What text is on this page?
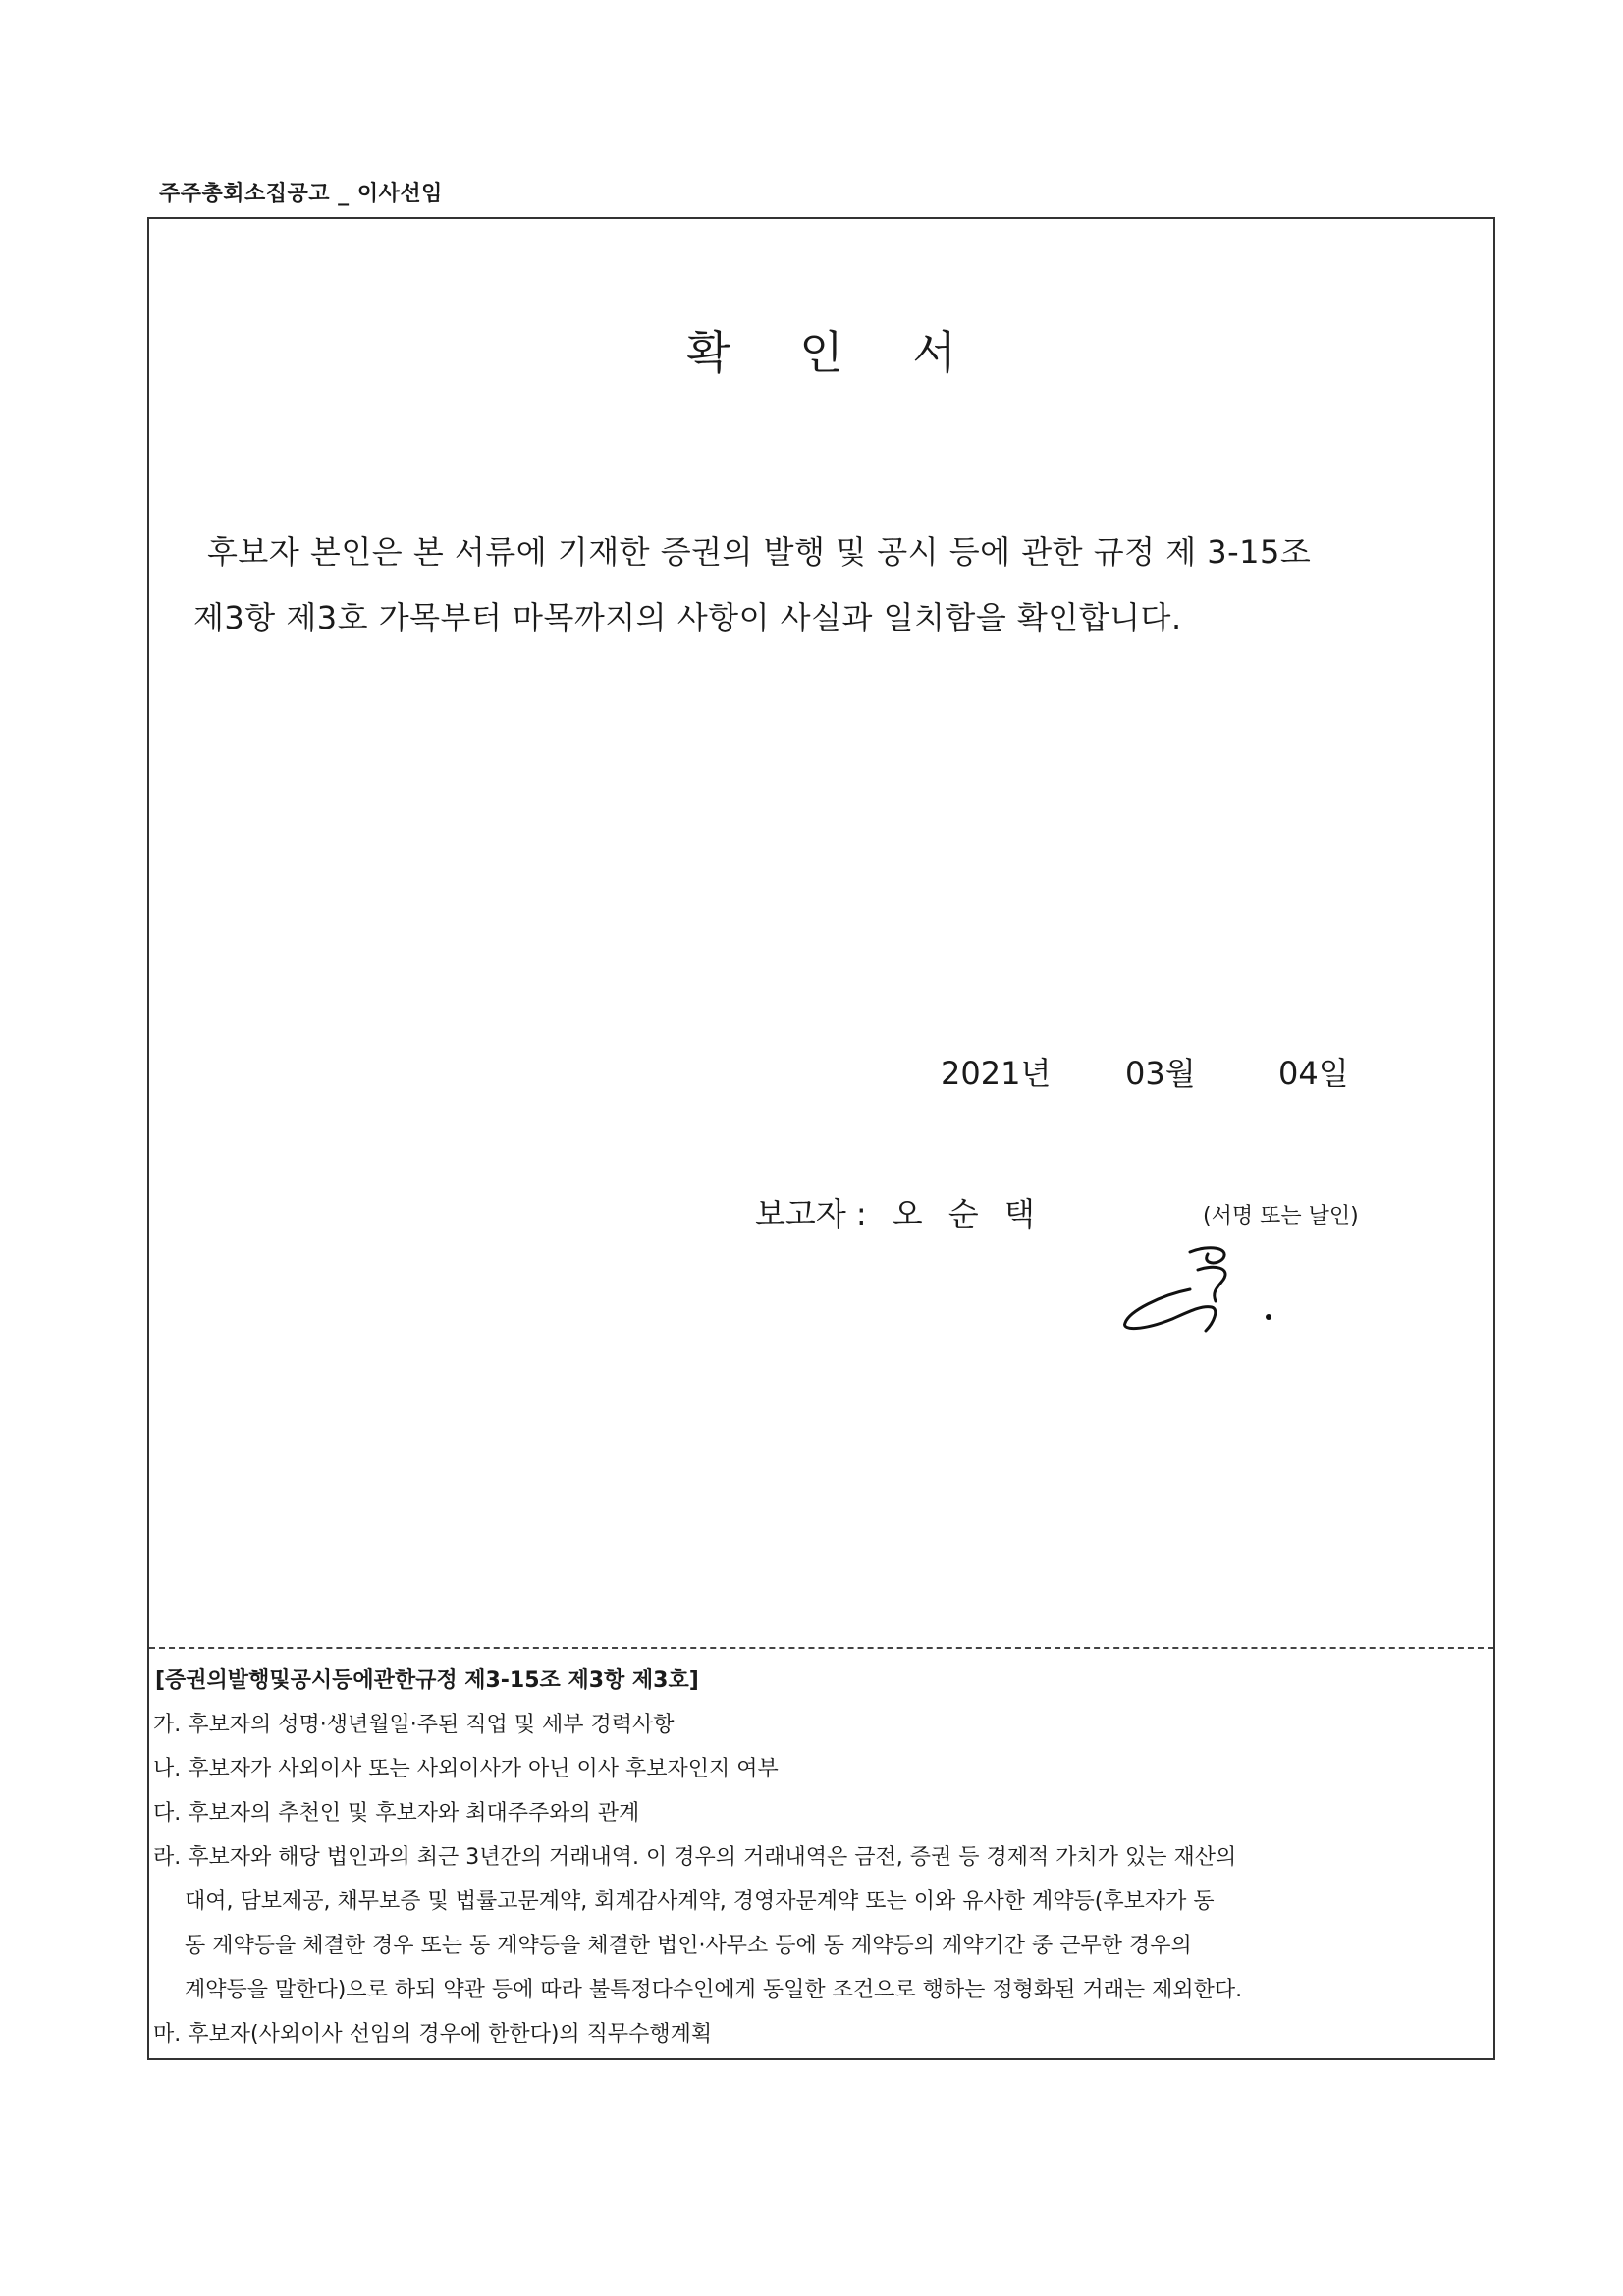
주주총회소집공고 _ 이사선임
확 인 서
후보자 본인은 본 서류에 기재한 증권의 발행 및 공시 등에 관한 규정 제 3-15조
제3항 제3호 가목부터 마목까지의 사항이 사실과 일치함을 확인합니다.
2021년 03월	04일
보고자 : 오 순 택	(서명 또는 날인)
[증권의발행및공시등에관한규정 제3-15조 제3항 제3호]
가. 후보자의 성명·생년월일·주된 직업 및 세부 경력사항
나. 후보자가 사외이사 또는 사외이사가 아닌 이사 후보자인지 여부
다. 후보자의 추천인 및 후보자와 최대주주와의 관계
라. 후보자와 해당 법인과의 최근 3년간의 거래내역. 이 경우의 거래내역은 금전, 증권 등 경제적 가치가 있는 재산의
대여, 담보제공, 채무보증 및 법률고문계약, 회계감사계약, 경영자문계약 또는 이와 유사한 계약등(후보자가 동
동 계약등을 체결한 경우 또는 동 계약등을 체결한 법인·사무소 등에 동 계약등의 계약기간 중 근무한 경우의
계약등을 말한다)으로 하되 약관 등에 따라 불특정다수인에게 동일한 조건으로 행하는 정형화된 거래는 제외한다.
마. 후보자(사외이사 선임의 경우에 한한다)의 직무수행계획
